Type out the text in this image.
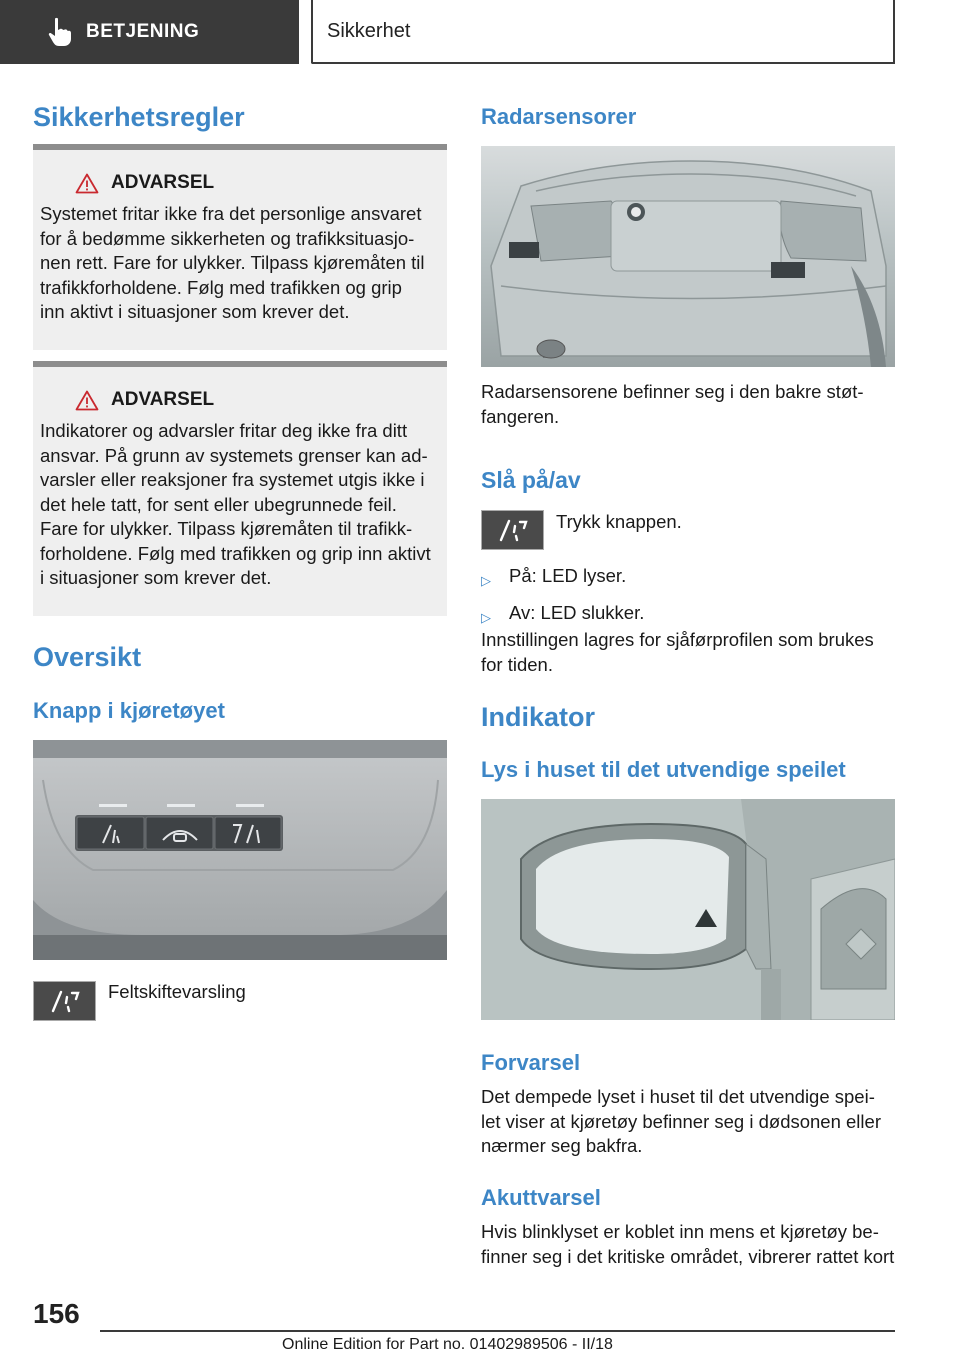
BETJENING	Sikkerhet
Sikkerhetsregler
ADVARSEL
Systemet fritar ikke fra det personlige ansvaret
for å bedømme sikkerheten og trafikksituasjo-
nen rett. Fare for ulykker. Tilpass kjøremåten til
trafikkforholdene. Følg med trafikken og grip
inn aktivt i situasjoner som krever det.
ADVARSEL
Indikatorer og advarsler fritar deg ikke fra ditt
ansvar. På grunn av systemets grenser kan ad-
varsler eller reaksjoner fra systemet utgis ikke i
det hele tatt, for sent eller ubegrunnede feil.
Fare for ulykker. Tilpass kjøremåten til trafikk-
forholdene. Følg med trafikken og grip inn aktivt
i situasjoner som krever det.
Oversikt
Knapp i kjøretøyet
Feltskiftevarsling
Radarsensorer
Radarsensorene befinner seg i den bakre støt-
fangeren.
Slå på/av
Trykk knappen.
▷ På: LED lyser.
▷ Av: LED slukker.
Innstillingen lagres for sjåførprofilen som brukes
for tiden.
Indikator
Lys i huset til det utvendige speilet
Forvarsel
Det dempede lyset i huset til det utvendige spei-
let viser at kjøretøy befinner seg i dødsonen eller
nærmer seg bakfra.
Akuttvarsel
Hvis blinklyset er koblet inn mens et kjøretøy be-
finner seg i det kritiske området, vibrerer rattet kort
156
Online Edition for Part no. 01402989506 - II/18
